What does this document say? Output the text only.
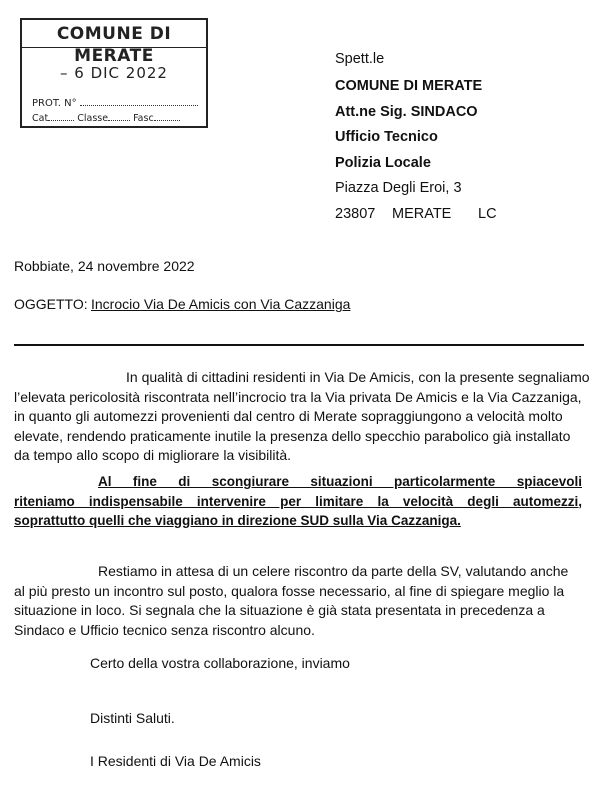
COMUNE DI MERATE
– 6 DIC 2022
PROT. N°
Cat	Classe	Fasc
Spett.le
COMUNE DI MERATE
Att.ne Sig. SINDACO
Ufficio Tecnico
Polizia Locale
Piazza Degli Eroi, 3
23807 MERATE LC
Robbiate, 24 novembre 2022
OGGETTO: Incrocio Via De Amicis con Via Cazzaniga
In qualità di cittadini residenti in Via De Amicis, con la presente segnaliamo
l’elevata pericolosità riscontrata nell’incrocio tra la Via privata De Amicis e la Via Cazzaniga,
in quanto gli automezzi provenienti dal centro di Merate sopraggiungono a velocità molto
elevate, rendendo praticamente inutile la presenza dello specchio parabolico già installato
da tempo allo scopo di migliorare la visibilità.
Al fine di scongiurare situazioni particolarmente spiacevoli
riteniamo indispensabile intervenire per limitare la velocità degli automezzi,
soprattutto quelli che viaggiano in direzione SUD sulla Via Cazzaniga.
Restiamo in attesa di un celere riscontro da parte della SV, valutando anche
al più presto un incontro sul posto, qualora fosse necessario, al fine di spiegare meglio la
situazione in loco. Si segnala che la situazione è già stata presentata in precedenza a
Sindaco e Ufficio tecnico senza riscontro alcuno.
Certo della vostra collaborazione, inviamo
Distinti Saluti.
I Residenti di Via De Amicis
